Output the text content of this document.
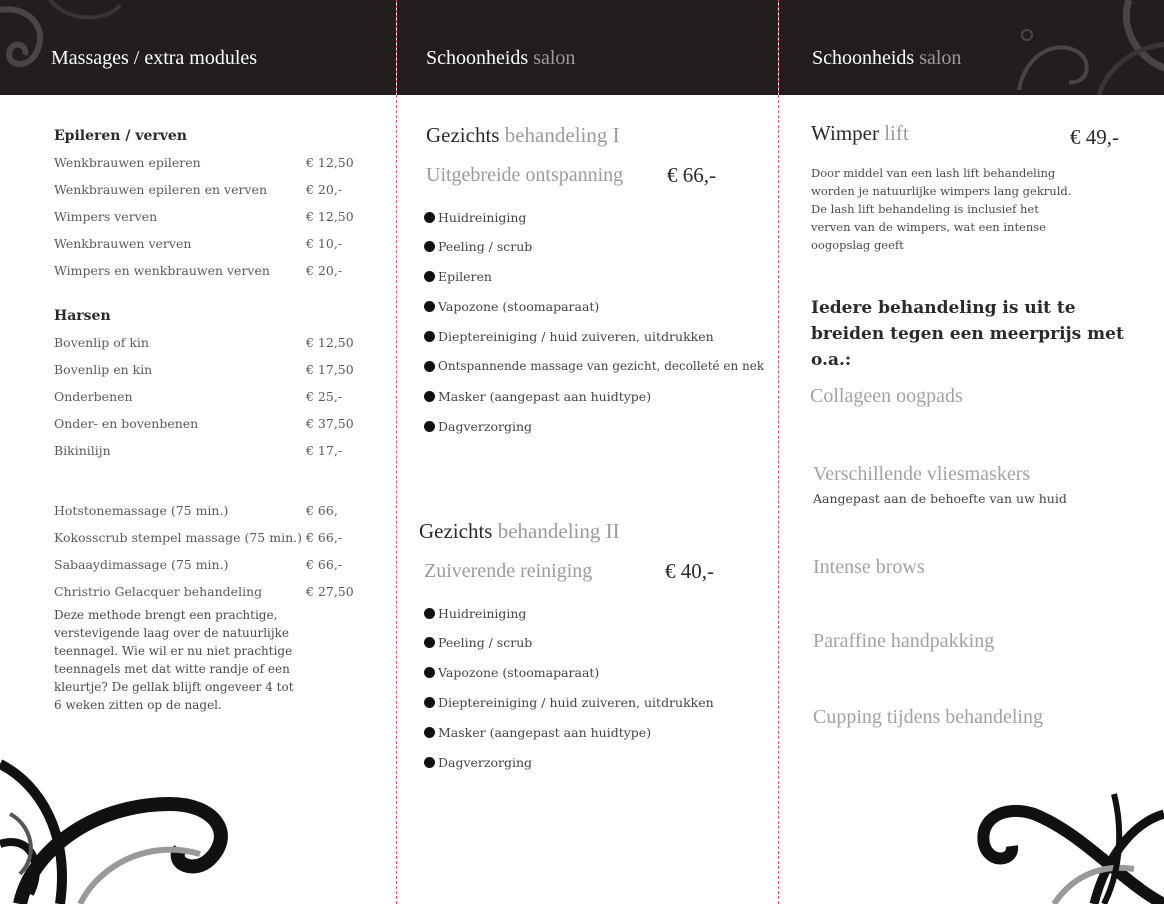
Massages / extra modules
Epileren / verven
Wenkbrauwen epileren	€ 12,50
Wenkbrauwen epileren en verven	€ 20,-
Wimpers verven	€ 12,50
Wenkbrauwen verven	€ 10,-
Wimpers en wenkbrauwen verven	€ 20,-
Harsen
Bovenlip of kin	€ 12,50
Bovenlip en kin	€ 17,50
Onderbenen	€ 25,-
Onder- en bovenbenen	€ 37,50
Bikinilijn	€ 17,-
Hotstonemassage (75 min.)	€ 66,
Kokosscrub stempel massage (75 min.) € 66,-
Sabaaydimassage (75 min.)	€ 66,-
Christrio Gelacquer behandeling	€ 27,50
Deze methode brengt een prachtige, verstevigende laag over de natuurlijke teennagel. Wie wil er nu niet prachtige teennagels met dat witte randje of een kleurtje? De gellak blijft ongeveer 4 tot 6 weken zitten op de nagel.
Schoonheids salon
Gezichts behandeling I
Uitgebreide ontspanning € 66,-
Huidreiniging
Peeling / scrub
Epileren
Vapozone (stoomaparaat)
Dieptereiniging / huid zuiveren, uitdrukken
Ontspannende massage van gezicht, decolleté en nek
Masker (aangepast aan huidtype)
Dagverzorging
Gezichts behandeling II
Zuiverende reiniging	€ 40,-
Huidreiniging
Peeling / scrub
Vapozone (stoomaparaat)
Dieptereiniging / huid zuiveren, uitdrukken
Masker (aangepast aan huidtype)
Dagverzorging
Schoonheids salon
Wimper lift	€ 49,-
Door middel van een lash lift behandeling worden je natuurlijke wimpers lang gekruld. De lash lift behandeling is inclusief het verven van de wimpers, wat een intense oogopslag geeft
Iedere behandeling is uit te breiden tegen een meerprijs met o.a.:
Collageen oogpads
Verschillende vliesmaskers
Aangepast aan de behoefte van uw huid
Intense brows
Paraffine handpakking
Cupping tijdens behandeling
